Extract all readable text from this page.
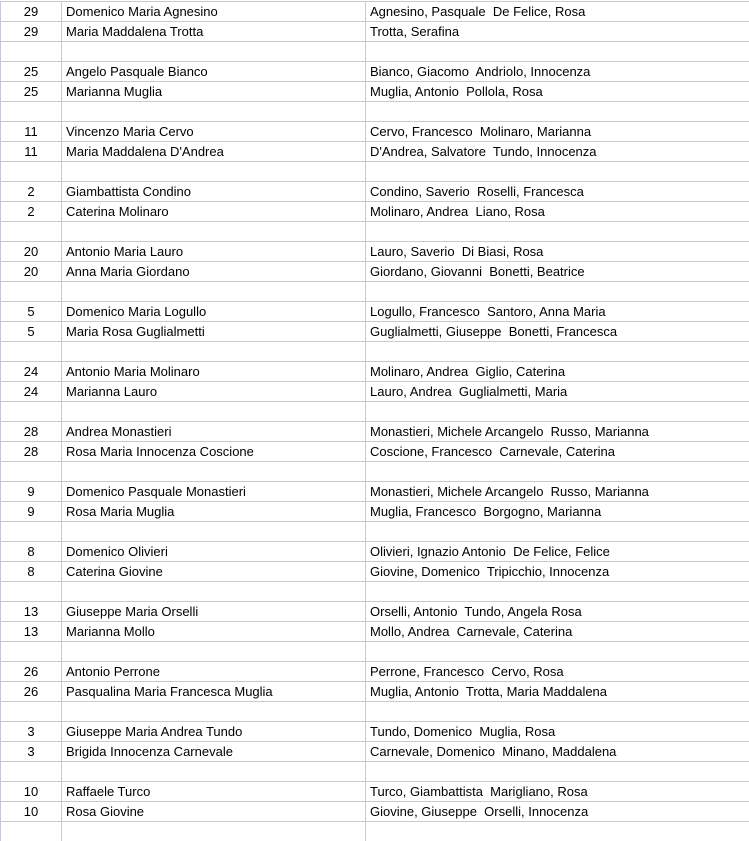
29	Domenico Maria Agnesino	Agnesino, Pasquale  De Felice, Rosa
29	Maria Maddalena Trotta	Trotta, Serafina

25	Angelo Pasquale Bianco	Bianco, Giacomo  Andriolo, Innocenza
25	Marianna Muglia	Muglia, Antonio  Pollola, Rosa

11	Vincenzo Maria Cervo	Cervo, Francesco  Molinaro, Marianna
11	Maria Maddalena D'Andrea	D'Andrea, Salvatore  Tundo, Innocenza

2	Giambattista Condino	Condino, Saverio  Roselli, Francesca
2	Caterina Molinaro	Molinaro, Andrea  Liano, Rosa

20	Antonio Maria Lauro	Lauro, Saverio  Di Biasi, Rosa
20	Anna Maria Giordano	Giordano, Giovanni  Bonetti, Beatrice

5	Domenico Maria Logullo	Logullo, Francesco  Santoro, Anna Maria
5	Maria Rosa Guglialmetti	Guglialmetti, Giuseppe  Bonetti, Francesca

24	Antonio Maria Molinaro	Molinaro, Andrea  Giglio, Caterina
24	Marianna Lauro	Lauro, Andrea  Guglialmetti, Maria

28	Andrea Monastieri	Monastieri, Michele Arcangelo  Russo, Marianna
28	Rosa Maria Innocenza Coscione	Coscione, Francesco  Carnevale, Caterina

9	Domenico Pasquale Monastieri	Monastieri, Michele Arcangelo  Russo, Marianna
9	Rosa Maria Muglia	Muglia, Francesco  Borgogno, Marianna

8	Domenico Olivieri	Olivieri, Ignazio Antonio  De Felice, Felice
8	Caterina Giovine	Giovine, Domenico  Tripicchio, Innocenza

13	Giuseppe Maria Orselli	Orselli, Antonio  Tundo, Angela Rosa
13	Marianna Mollo	Mollo, Andrea  Carnevale, Caterina

26	Antonio Perrone	Perrone, Francesco  Cervo, Rosa
26	Pasqualina Maria Francesca Muglia	Muglia, Antonio  Trotta, Maria Maddalena

3	Giuseppe Maria Andrea Tundo	Tundo, Domenico  Muglia, Rosa
3	Brigida Innocenza Carnevale	Carnevale, Domenico  Minano, Maddalena

10	Raffaele Turco	Turco, Giambattista  Marigliano, Rosa
10	Rosa Giovine	Giovine, Giuseppe  Orselli, Innocenza
